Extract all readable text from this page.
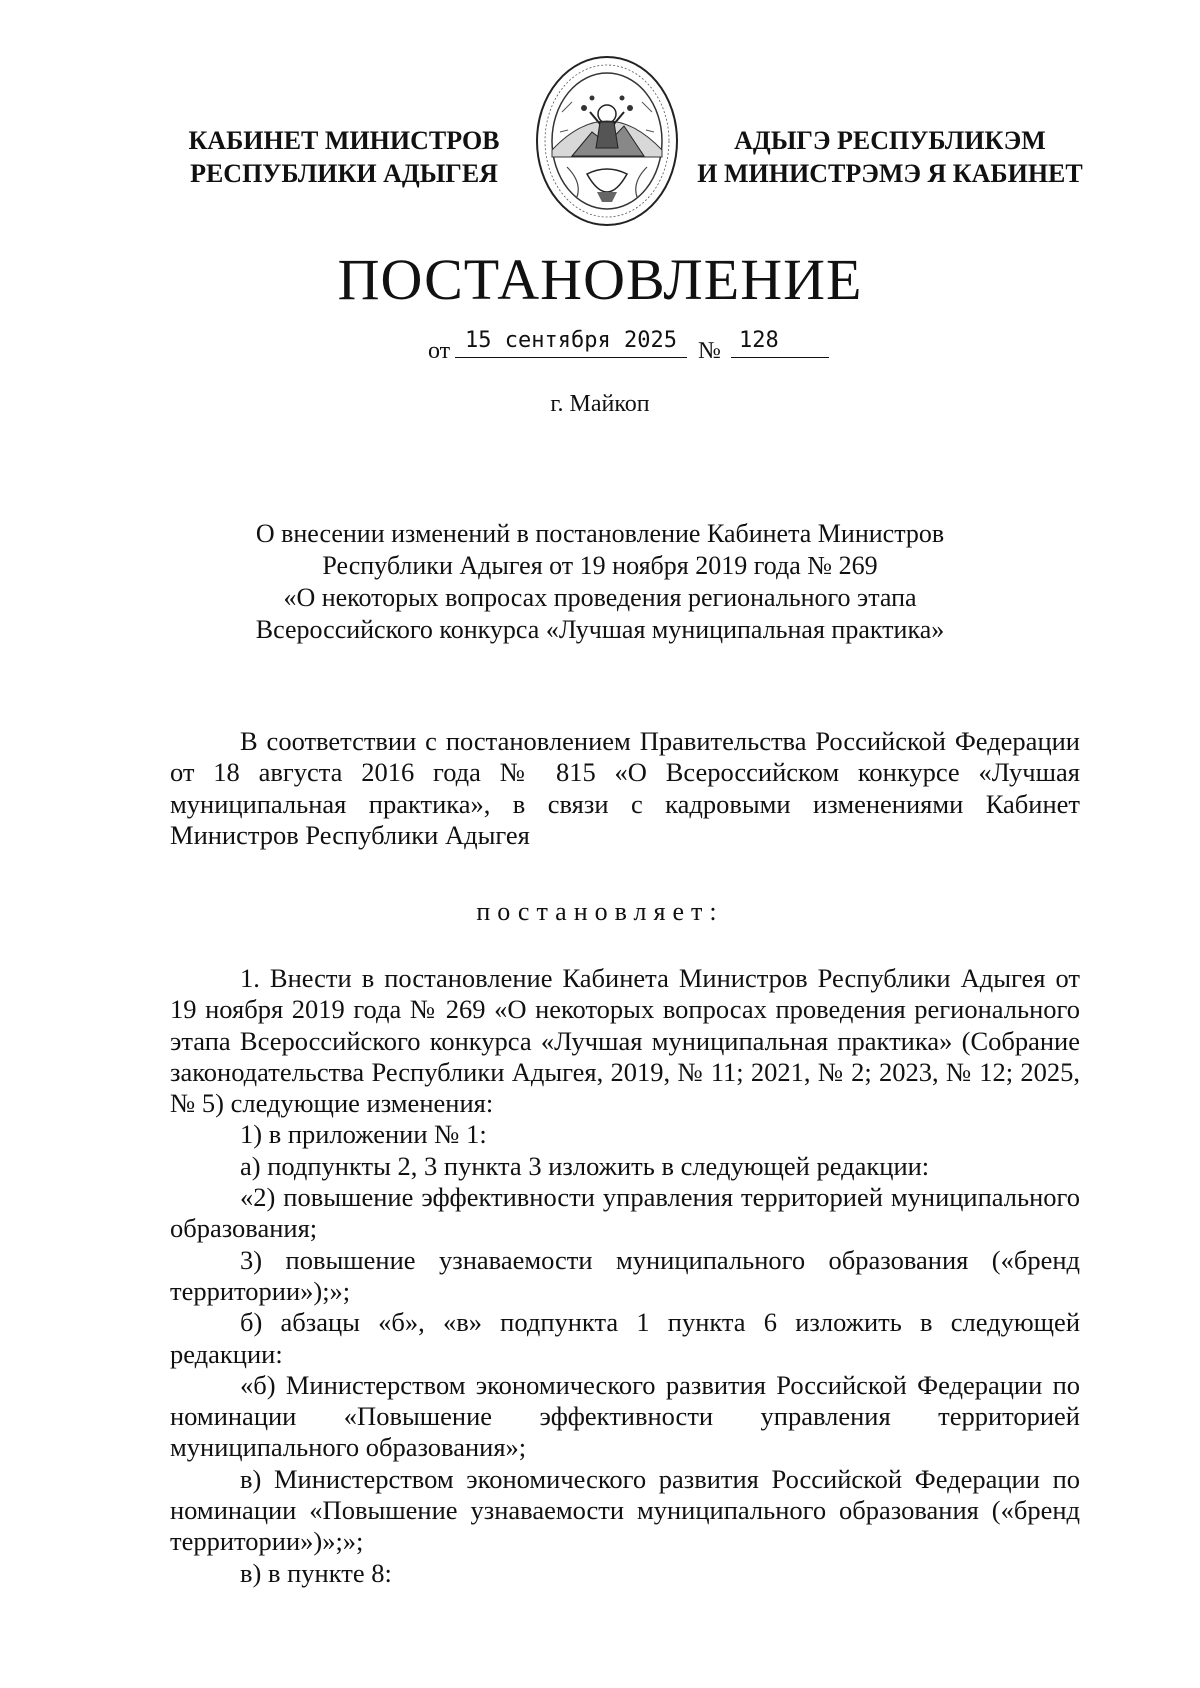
КАБИНЕТ МИНИСТРОВ
РЕСПУБЛИКИ АДЫГЕЯ
АДЫГЭ РЕСПУБЛИКЭМ
И МИНИСТРЭМЭ Я КАБИНЕТ
ПОСТАНОВЛЕНИЕ
от 15 сентября 2025 № 128
г. Майкоп
О внесении изменений в постановление Кабинета Министров
Республики Адыгея от 19 ноября 2019 года № 269
«О некоторых вопросах проведения регионального этапа
Всероссийского конкурса «Лучшая муниципальная практика»

В соответствии с постановлением Правительства Российской Федерации от 18 августа 2016 года № 815 «О Всероссийском конкурсе «Лучшая муниципальная практика», в связи с кадровыми изменениями Кабинет Министров Республики Адыгея

постановляет:

1. Внести в постановление Кабинета Министров Республики Адыгея от 19 ноября 2019 года № 269 «О некоторых вопросах проведения регионального этапа Всероссийского конкурса «Лучшая муниципальная практика» (Собрание законодательства Республики Адыгея, 2019, № 11; 2021, № 2; 2023, № 12; 2025, № 5) следующие изменения:

1) в приложении № 1:

а) подпункты 2, 3 пункта 3 изложить в следующей редакции:

«2) повышение эффективности управления территорией муниципального образования;

3) повышение узнаваемости муниципального образования («бренд территории»);»;

б) абзацы «б», «в» подпункта 1 пункта 6 изложить в следующей редакции:

«б) Министерством экономического развития Российской Федерации по номинации «Повышение эффективности управления территорией муниципального образования»;

в) Министерством экономического развития Российской Федерации по номинации «Повышение узнаваемости муниципального образования («бренд территории»)»;»;

в) в пункте 8:
